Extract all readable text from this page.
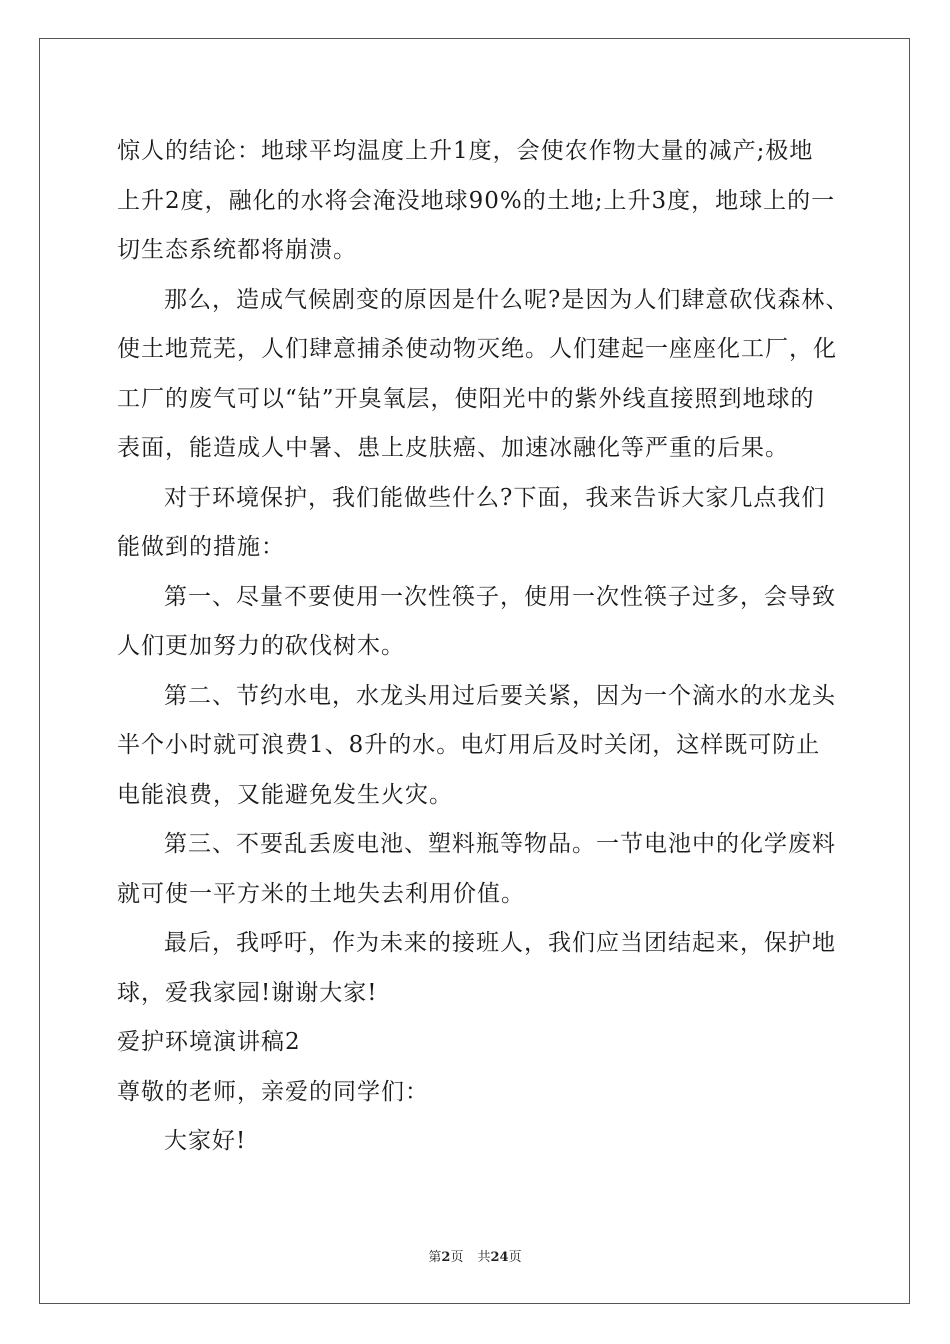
惊人的结论：地球平均温度上升1度，会使农作物大量的减产;极地
上升2度，融化的水将会淹没地球90%的土地;上升3度，地球上的一
切生态系统都将崩溃。
那么，造成气候剧变的原因是什么呢?是因为人们肆意砍伐森林、
使土地荒芜，人们肆意捕杀使动物灭绝。人们建起一座座化工厂，化
工厂的废气可以“钻”开臭氧层，使阳光中的紫外线直接照到地球的
表面，能造成人中暑、患上皮肤癌、加速冰融化等严重的后果。
对于环境保护，我们能做些什么?下面，我来告诉大家几点我们
能做到的措施：
第一、尽量不要使用一次性筷子，使用一次性筷子过多，会导致
人们更加努力的砍伐树木。
第二、节约水电，水龙头用过后要关紧，因为一个滴水的水龙头
半个小时就可浪费1、8升的水。电灯用后及时关闭，这样既可防止
电能浪费，又能避免发生火灾。
第三、不要乱丢废电池、塑料瓶等物品。一节电池中的化学废料
就可使一平方米的土地失去利用价值。
最后，我呼吁，作为未来的接班人，我们应当团结起来，保护地
球，爱我家园!谢谢大家!
爱护环境演讲稿2
尊敬的老师，亲爱的同学们：
大家好!
第2页 共24页
